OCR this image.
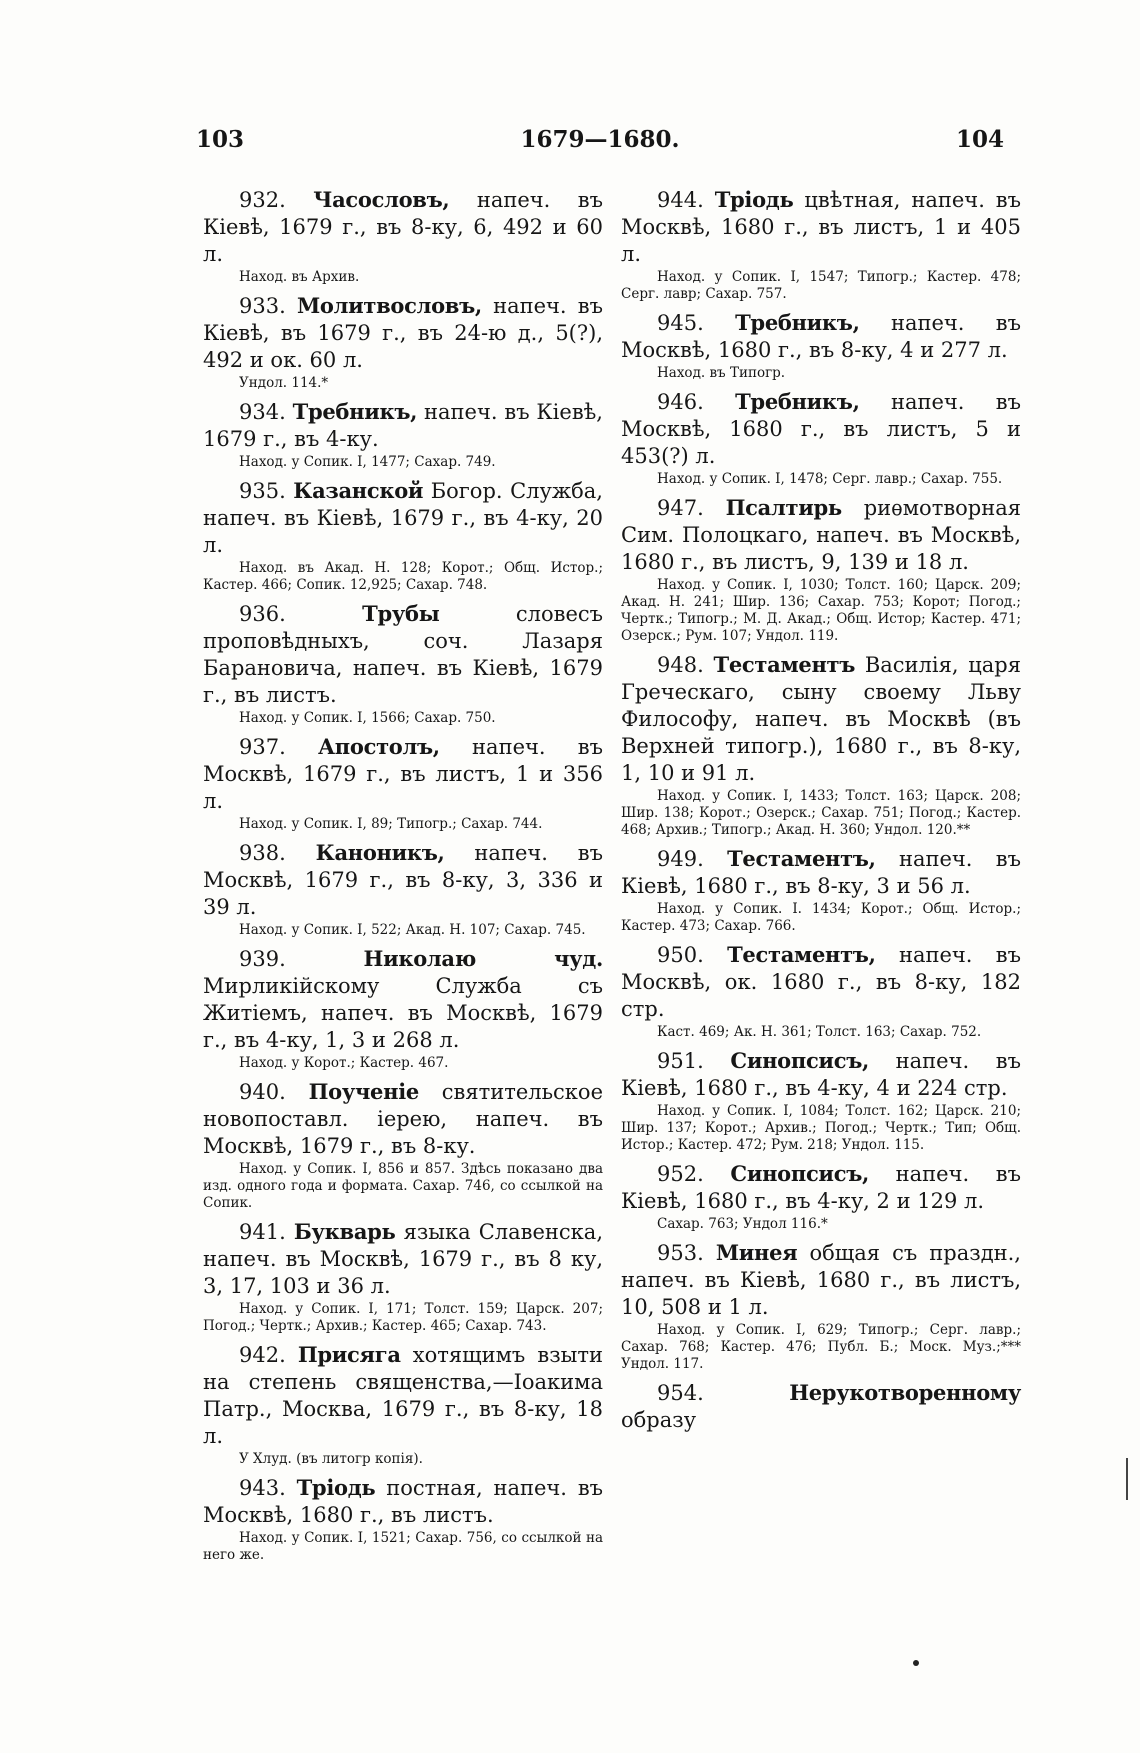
103	1679—1680.	104

932. Часословъ, напеч. въ Кіевѣ, 1679 г., въ 8-ку, 6, 492 и 60 л.

Наход. въ Архив.

933. Молитвословъ, напеч. въ Кіевѣ, въ 1679 г., въ 24-ю д., 5(?), 492 и ок. 60 л.

Ундол. 114.*

934. Требникъ, напеч. въ Кіевѣ, 1679 г., въ 4-ку.

Наход. у Сопик. I, 1477; Сахар. 749.

935. Казанской Богор. Служба, напеч. въ Кіевѣ, 1679 г., въ 4-ку, 20 л.

Наход. въ Акад. Н. 128; Корот.; Общ. Истор.; Кастер. 466; Сопик. 12,925; Сахар. 748.

936.	Трубы словесъ проповѣдныхъ, соч. Лазаря Барановича, напеч. въ Кіевѣ, 1679 г., въ листъ.

Наход. у Сопик. I, 1566; Сахар. 750.

937. Апостолъ, напеч. въ Москвѣ, 1679 г., въ листъ, 1 и 356 л.

Наход. у Сопик. I, 89; Типогр.; Сахар. 744.

938. Каноникъ, напеч. въ Москвѣ, 1679 г., въ 8-ку, 3, 336 и 39 л.

Наход. у Сопик. I, 522; Акад. Н. 107; Сахар. 745.

939.	Николаю чуд. Мирликійскому Служба съ Житіемъ, напеч. въ Москвѣ, 1679 г., въ 4-ку, 1, 3 и 268 л.

Наход. у Корот.; Кастер. 467.

940. Поученіе святительское новопоставл. іерею, напеч. въ Москвѣ, 1679 г., въ 8-ку.

Наход. у Сопик. I, 856 и 857. Здѣсь показано два изд. одного года и формата. Сахар. 746, со ссылкой на Сопик.

941. Букварь языка Славенска, напеч. въ Москвѣ, 1679 г., въ 8 ку, 3, 17, 103 и 36 л.

Наход. у Сопик. I, 171; Толст. 159; Царск. 207; Погод.; Чертк.; Архив.; Кастер. 465; Сахар. 743.

942. Присяга хотящимъ взыти на степень священства,—Іоакима Патр., Москва, 1679 г., въ 8-ку, 18 л.

У Хлуд. (въ литогр копія).

943. Тріодь постная, напеч. въ Москвѣ, 1680 г., въ листъ.

Наход. у Сопик. I, 1521; Сахар. 756, со ссылкой на него же.

944. Тріодь цвѣтная, напеч. въ Москвѣ, 1680 г., въ листъ, 1 и 405 л.

Наход. у Сопик. I, 1547; Типогр.; Кастер. 478; Серг. лавр; Сахар. 757.

945. Требникъ, напеч. въ Москвѣ, 1680 г., въ 8-ку, 4 и 277 л.

Наход. въ Типогр.

946. Требникъ, напеч. въ Москвѣ, 1680 г., въ листъ, 5 и 453(?) л.

Наход. у Сопик. I, 1478; Серг. лавр.; Сахар. 755.

947. Псалтирь риѳмотворная Сим. Полоцкаго, напеч. въ Москвѣ, 1680 г., въ листъ, 9, 139 и 18 л.

Наход. у Сопик. I, 1030; Толст. 160; Царск. 209; Акад. Н. 241; Шир. 136; Сахар. 753; Корот; Погод.; Чертк.; Типогр.; М. Д. Акад.; Общ. Истор; Кастер. 471; Озерск.; Рум. 107; Ундол. 119.

948. Тестаментъ Василія, царя Греческаго, сыну своему Льву Философу, напеч. въ Москвѣ (въ Верхней типогр.), 1680 г., въ 8-ку, 1, 10 и 91 л.

Наход. у Сопик. I, 1433; Толст. 163; Царск. 208; Шир. 138; Корот.; Озерск.; Сахар. 751; Погод.; Кастер. 468; Архив.; Типогр.; Акад. Н. 360; Ундол. 120.**

949. Тестаментъ, напеч. въ Кіевѣ, 1680 г., въ 8-ку, 3 и 56 л.

Наход. у Сопик. I. 1434; Корот.; Общ. Истор.; Кастер. 473; Сахар. 766.

950. Тестаментъ, напеч. въ Москвѣ, ок. 1680 г., въ 8-ку, 182 стр.

Каст. 469; Ак. Н. 361; Толст. 163; Сахар. 752.

951. Синопсисъ, напеч. въ Кіевѣ, 1680 г., въ 4-ку, 4 и 224 стр.

Наход. у Сопик. I, 1084; Толст. 162; Царск. 210; Шир. 137; Корот.; Архив.; Погод.; Чертк.; Тип; Общ. Истор.; Кастер. 472; Рум. 218; Ундол. 115.

952. Синопсисъ, напеч. въ Кіевѣ, 1680 г., въ 4-ку, 2 и 129 л.

Сахар. 763; Ундол 116.*

953. Минея общая съ праздн., напеч. въ Кіевѣ, 1680 г., въ листъ, 10, 508 и 1 л.

Наход. у Сопик. I, 629; Типогр.; Серг. лавр.; Сахар. 768; Кастер. 476; Публ. Б.; Моск. Муз.;*** Ундол. 117.

954.	Нерукотворенному образу
